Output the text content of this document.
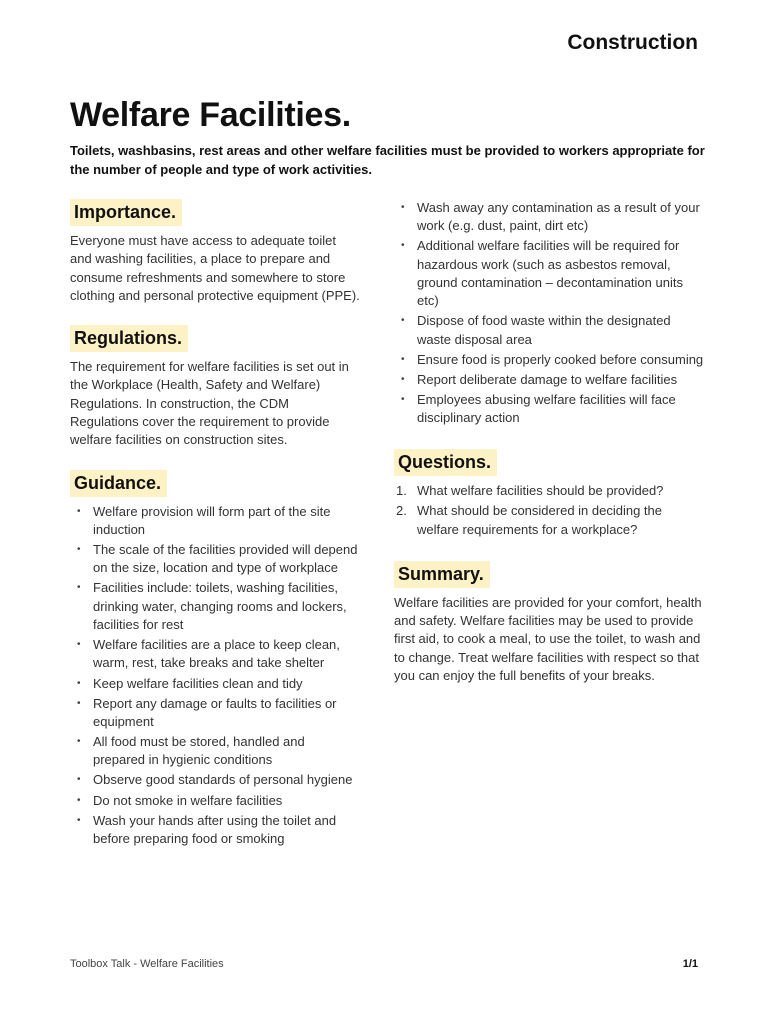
Construction
Welfare Facilities.

Toilets, washbasins, rest areas and other welfare facilities must be provided to workers appropriate for the number of people and type of work activities.

Importance.

Everyone must have access to adequate toilet and washing facilities, a place to prepare and consume refreshments and somewhere to store clothing and personal protective equipment (PPE).

Regulations.

The requirement for welfare facilities is set out in the Workplace (Health, Safety and Welfare) Regulations. In construction, the CDM Regulations cover the requirement to provide welfare facilities on construction sites.

Guidance.
• Welfare provision will form part of the site induction
• The scale of the facilities provided will depend on the size, location and type of workplace
• Facilities include: toilets, washing facilities, drinking water, changing rooms and lockers, facilities for rest
• Welfare facilities are a place to keep clean, warm, rest, take breaks and take shelter
• Keep welfare facilities clean and tidy
• Report any damage or faults to facilities or equipment
• All food must be stored, handled and prepared in hygienic conditions
• Observe good standards of personal hygiene
• Do not smoke in welfare facilities
• Wash your hands after using the toilet and before preparing food or smoking
• Wash away any contamination as a result of your work (e.g. dust, paint, dirt etc)
• Additional welfare facilities will be required for hazardous work (such as asbestos removal, ground contamination – decontamination units etc)
• Dispose of food waste within the designated waste disposal area
• Ensure food is properly cooked before consuming
• Report deliberate damage to welfare facilities
• Employees abusing welfare facilities will face disciplinary action
Questions.
1. What welfare facilities should be provided?
2. What should be considered in deciding the welfare requirements for a workplace?
Summary.

Welfare facilities are provided for your comfort, health and safety. Welfare facilities may be used to provide first aid, to cook a meal, to use the toilet, to wash and to change. Treat welfare facilities with respect so that you can enjoy the full benefits of your breaks.

Toolbox Talk - Welfare Facilities	1/1
